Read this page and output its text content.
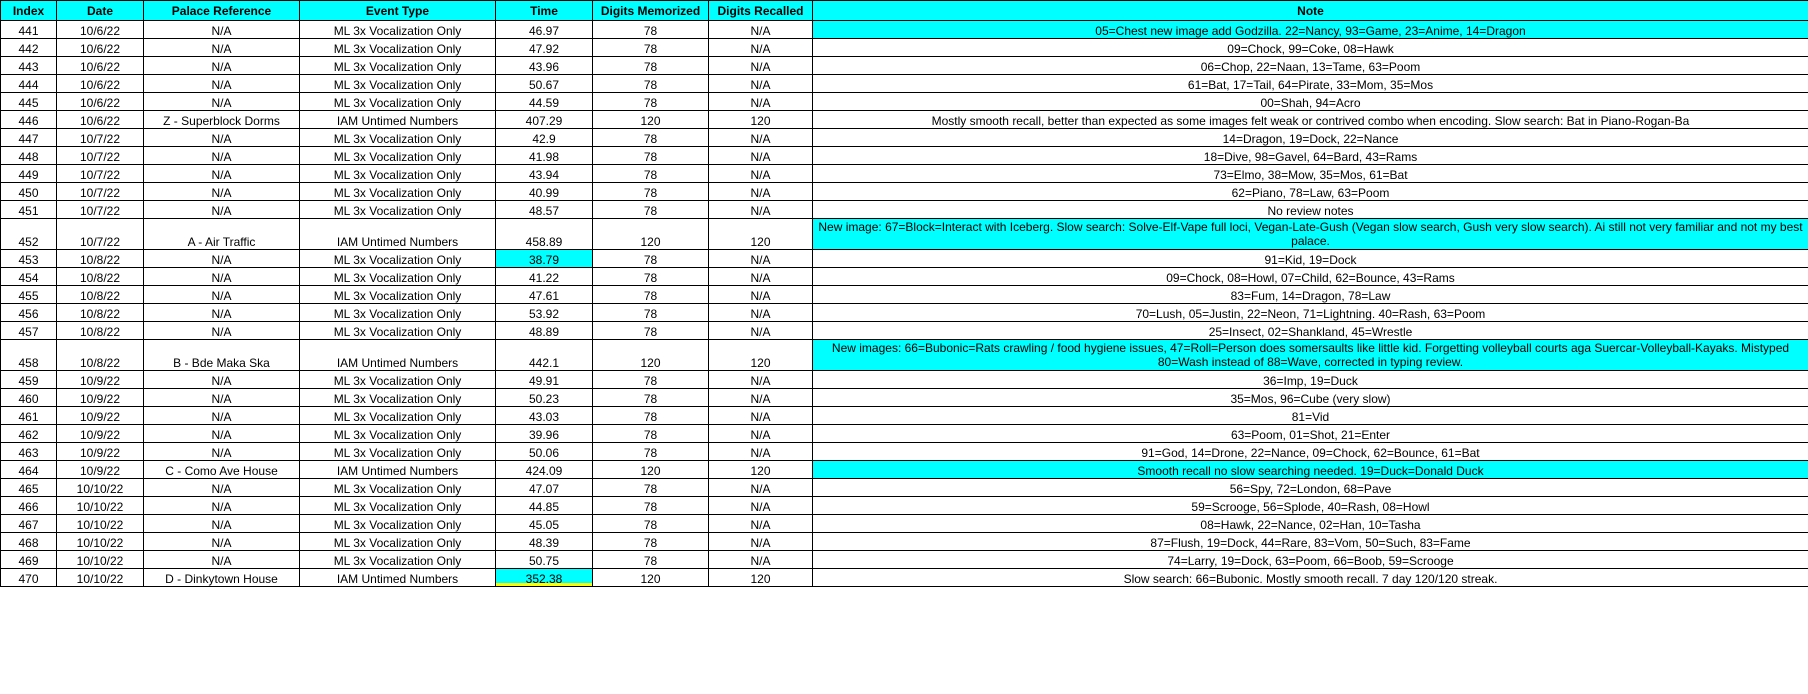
Index	Date	Palace Reference	Event Type	Time	Digits Memorized	Digits Recalled	Note
441	10/6/22	N/A	ML 3x Vocalization Only	46.97	78	N/A	05=Chest new image add Godzilla. 22=Nancy, 93=Game, 23=Anime, 14=Dragon
442	10/6/22	N/A	ML 3x Vocalization Only	47.92	78	N/A	09=Chock, 99=Coke, 08=Hawk
443	10/6/22	N/A	ML 3x Vocalization Only	43.96	78	N/A	06=Chop, 22=Naan, 13=Tame, 63=Poom
444	10/6/22	N/A	ML 3x Vocalization Only	50.67	78	N/A	61=Bat, 17=Tail, 64=Pirate, 33=Mom, 35=Mos
445	10/6/22	N/A	ML 3x Vocalization Only	44.59	78	N/A	00=Shah, 94=Acro
446	10/6/22	Z - Superblock Dorms	IAM Untimed Numbers	407.29	120	120	Mostly smooth recall, better than expected as some images felt weak or contrived combo when encoding. Slow search: Bat in Piano-Rogan-Ba
447	10/7/22	N/A	ML 3x Vocalization Only	42.9	78	N/A	14=Dragon, 19=Dock, 22=Nance
448	10/7/22	N/A	ML 3x Vocalization Only	41.98	78	N/A	18=Dive, 98=Gavel, 64=Bard, 43=Rams
449	10/7/22	N/A	ML 3x Vocalization Only	43.94	78	N/A	73=Elmo, 38=Mow, 35=Mos, 61=Bat
450	10/7/22	N/A	ML 3x Vocalization Only	40.99	78	N/A	62=Piano, 78=Law, 63=Poom
451	10/7/22	N/A	ML 3x Vocalization Only	48.57	78	N/A	No review notes
452	10/7/22	A - Air Traffic	IAM Untimed Numbers	458.89	120	120	New image: 67=Block=Interact with Iceberg. Slow search: Solve-Elf-Vape full loci, Vegan-Late-Gush (Vegan slow search, Gush very slow search). Ai still not very familiar and not my best palace.
453	10/8/22	N/A	ML 3x Vocalization Only	38.79	78	N/A	91=Kid, 19=Dock
454	10/8/22	N/A	ML 3x Vocalization Only	41.22	78	N/A	09=Chock, 08=Howl, 07=Child, 62=Bounce, 43=Rams
455	10/8/22	N/A	ML 3x Vocalization Only	47.61	78	N/A	83=Fum, 14=Dragon, 78=Law
456	10/8/22	N/A	ML 3x Vocalization Only	53.92	78	N/A	70=Lush, 05=Justin, 22=Neon, 71=Lightning. 40=Rash, 63=Poom
457	10/8/22	N/A	ML 3x Vocalization Only	48.89	78	N/A	25=Insect, 02=Shankland, 45=Wrestle
458	10/8/22	B - Bde Maka Ska	IAM Untimed Numbers	442.1	120	120	New images: 66=Bubonic=Rats crawling / food hygiene issues, 47=Roll=Person does somersaults like little kid. Forgetting volleyball courts aga Suercar-Volleyball-Kayaks. Mistyped 80=Wash instead of 88=Wave, corrected in typing review.
459	10/9/22	N/A	ML 3x Vocalization Only	49.91	78	N/A	36=Imp, 19=Duck
460	10/9/22	N/A	ML 3x Vocalization Only	50.23	78	N/A	35=Mos, 96=Cube (very slow)
461	10/9/22	N/A	ML 3x Vocalization Only	43.03	78	N/A	81=Vid
462	10/9/22	N/A	ML 3x Vocalization Only	39.96	78	N/A	63=Poom, 01=Shot, 21=Enter
463	10/9/22	N/A	ML 3x Vocalization Only	50.06	78	N/A	91=God, 14=Drone, 22=Nance, 09=Chock, 62=Bounce, 61=Bat
464	10/9/22	C - Como Ave House	IAM Untimed Numbers	424.09	120	120	Smooth recall no slow searching needed. 19=Duck=Donald Duck
465	10/10/22	N/A	ML 3x Vocalization Only	47.07	78	N/A	56=Spy, 72=London, 68=Pave
466	10/10/22	N/A	ML 3x Vocalization Only	44.85	78	N/A	59=Scrooge, 56=Splode, 40=Rash, 08=Howl
467	10/10/22	N/A	ML 3x Vocalization Only	45.05	78	N/A	08=Hawk, 22=Nance, 02=Han, 10=Tasha
468	10/10/22	N/A	ML 3x Vocalization Only	48.39	78	N/A	87=Flush, 19=Dock, 44=Rare, 83=Vom, 50=Such, 83=Fame
469	10/10/22	N/A	ML 3x Vocalization Only	50.75	78	N/A	74=Larry, 19=Dock, 63=Poom, 66=Boob, 59=Scrooge
470	10/10/22	D - Dinkytown House	IAM Untimed Numbers	352.38	120	120	Slow search: 66=Bubonic. Mostly smooth recall. 7 day 120/120 streak.
